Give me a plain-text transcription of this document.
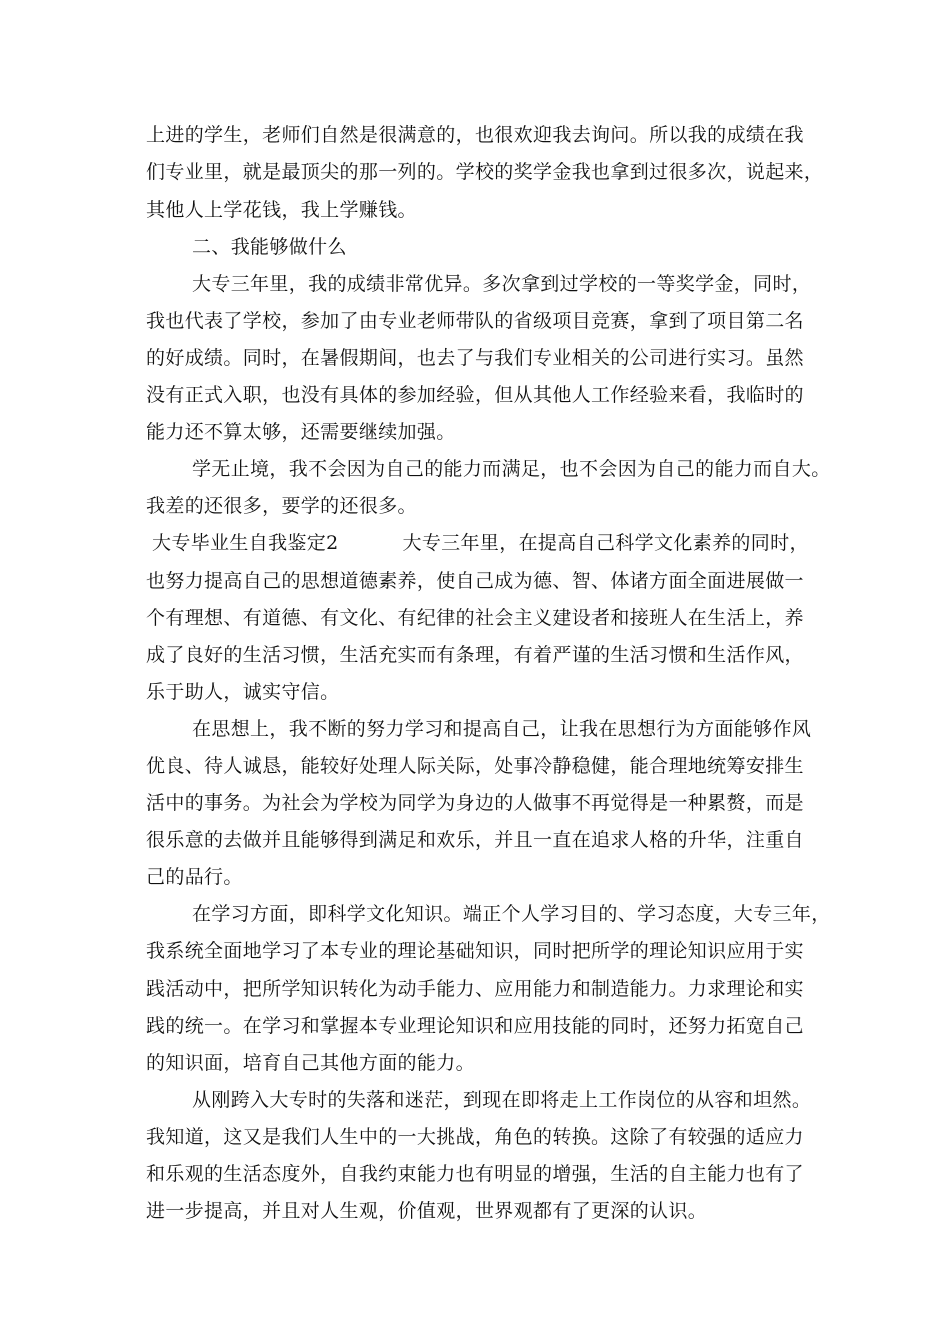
上进的学生，老师们自然是很满意的，也很欢迎我去询问。所以我的成绩在我
们专业里，就是最顶尖的那一列的。学校的奖学金我也拿到过很多次，说起来，
其他人上学花钱，我上学赚钱。
二、我能够做什么
大专三年里，我的成绩非常优异。多次拿到过学校的一等奖学金，同时，
我也代表了学校，参加了由专业老师带队的省级项目竞赛，拿到了项目第二名
的好成绩。同时，在暑假期间，也去了与我们专业相关的公司进行实习。虽然
没有正式入职，也没有具体的参加经验，但从其他人工作经验来看，我临时的
能力还不算太够，还需要继续加强。
学无止境，我不会因为自己的能力而满足，也不会因为自己的能力而自大。
我差的还很多，要学的还很多。
大专毕业生自我鉴定2          大专三年里，在提高自己科学文化素养的同时，
也努力提高自己的思想道德素养，使自己成为德、智、体诸方面全面进展做一
个有理想、有道德、有文化、有纪律的社会主义建设者和接班人在生活上，养
成了良好的生活习惯，生活充实而有条理，有着严谨的生活习惯和生活作风，
乐于助人，诚实守信。
在思想上，我不断的努力学习和提高自己，让我在思想行为方面能够作风
优良、待人诚恳，能较好处理人际关际，处事冷静稳健，能合理地统筹安排生
活中的事务。为社会为学校为同学为身边的人做事不再觉得是一种累赘，而是
很乐意的去做并且能够得到满足和欢乐，并且一直在追求人格的升华，注重自
己的品行。
在学习方面，即科学文化知识。端正个人学习目的、学习态度，大专三年，
我系统全面地学习了本专业的理论基础知识，同时把所学的理论知识应用于实
践活动中，把所学知识转化为动手能力、应用能力和制造能力。力求理论和实
践的统一。在学习和掌握本专业理论知识和应用技能的同时，还努力拓宽自己
的知识面，培育自己其他方面的能力。
从刚跨入大专时的失落和迷茫，到现在即将走上工作岗位的从容和坦然。
我知道，这又是我们人生中的一大挑战，角色的转换。这除了有较强的适应力
和乐观的生活态度外，自我约束能力也有明显的增强，生活的自主能力也有了
进一步提高，并且对人生观，价值观，世界观都有了更深的认识。
